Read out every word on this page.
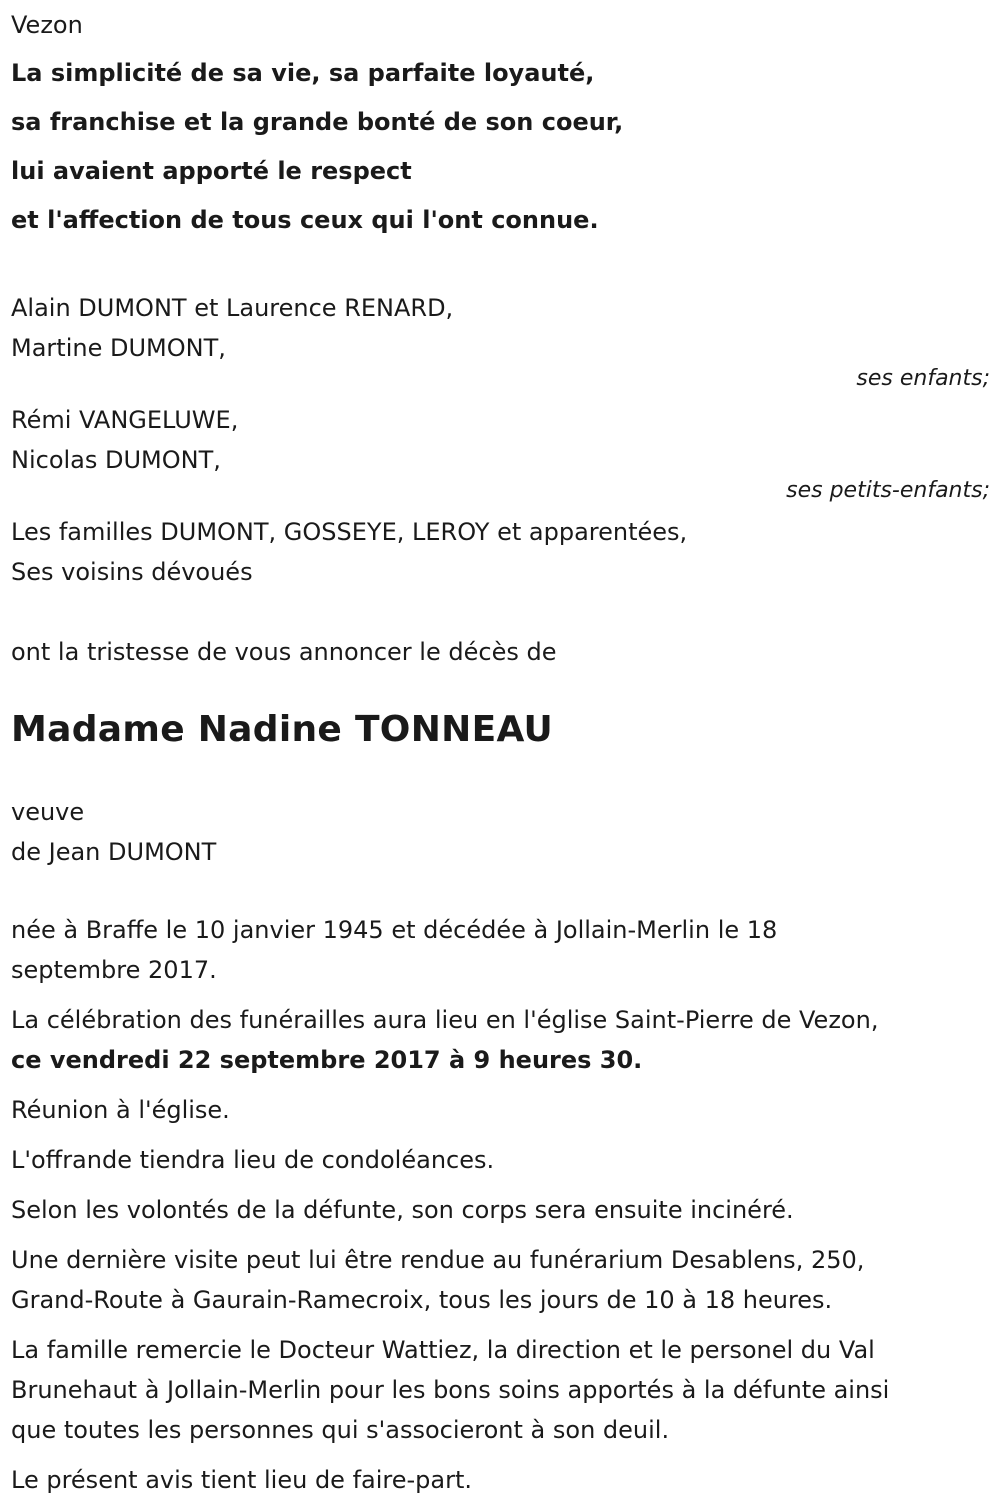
Vezon
La simplicité de sa vie, sa parfaite loyauté,
sa franchise et la grande bonté de son coeur,
lui avaient apporté le respect
et l'affection de tous ceux qui l'ont connue.
Alain DUMONT et Laurence RENARD,
Martine DUMONT,
ses enfants;
Rémi VANGELUWE,
Nicolas DUMONT,
ses petits-enfants;
Les familles DUMONT, GOSSEYE, LEROY et apparentées,
Ses voisins dévoués
ont la tristesse de vous annoncer le décès de
Madame Nadine TONNEAU
veuve
de Jean DUMONT
née à Braffe le 10 janvier 1945 et décédée à Jollain-Merlin le 18
septembre 2017.
La célébration des funérailles aura lieu en l'église Saint-Pierre de Vezon,
ce vendredi 22 septembre 2017 à 9 heures 30.
Réunion à l'église.
L'offrande tiendra lieu de condoléances.
Selon les volontés de la défunte, son corps sera ensuite incinéré.
Une dernière visite peut lui être rendue au funérarium Desablens, 250,
Grand-Route à Gaurain-Ramecroix, tous les jours de 10 à 18 heures.
La famille remercie le Docteur Wattiez, la direction et le personel du Val
Brunehaut à Jollain-Merlin pour les bons soins apportés à la défunte ainsi
que toutes les personnes qui s'associeront à son deuil.
Le présent avis tient lieu de faire-part.
